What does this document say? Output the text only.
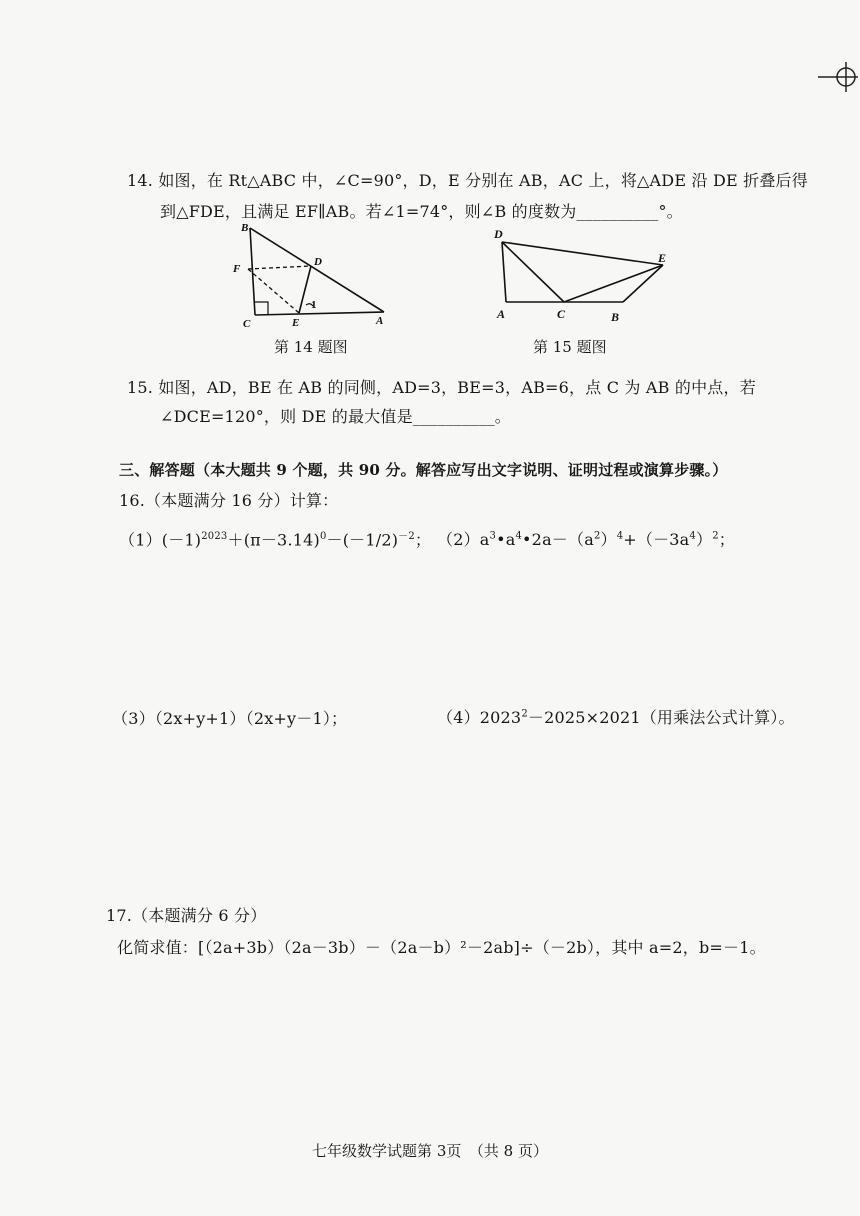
14. 如图，在 Rt△ABC 中，∠C=90°，D，E 分别在 AB，AC 上，将△ADE 沿 DE 折叠后得
到△FDE，且满足 EF∥AB。若∠1=74°，则∠B 的度数为__________°。
B
F
D
C	E	A
1
第 14 题图
D
E
A	C	B
第 15 题图
15. 如图，AD，BE 在 AB 的同侧，AD=3，BE=3，AB=6，点 C 为 AB 的中点，若
∠DCE=120°，则 DE 的最大值是__________。
三、解答题（本大题共 9 个题，共 90 分。解答应写出文字说明、证明过程或演算步骤。）
16.（本题满分 16 分）计算：
$(1)(-1)^{2023}+(\pi-3.14)^0-(-1/2)^{-2}$； $(2)a^3•a^4•2a-(a^2)^4+(-3a^4)^2$；
（3）（2x+y+1）（2x+y－1）；	$(4)2023^2-2025\times 2021$（用乘法公式计算）。
17.（本题满分 6 分）
化简求值：[（2a+3b）（2a－3b）－（2a－b）²－2ab]÷（－2b），其中 a=2，b=－1。
七年级数学试题第 3页　（共 8 页）
